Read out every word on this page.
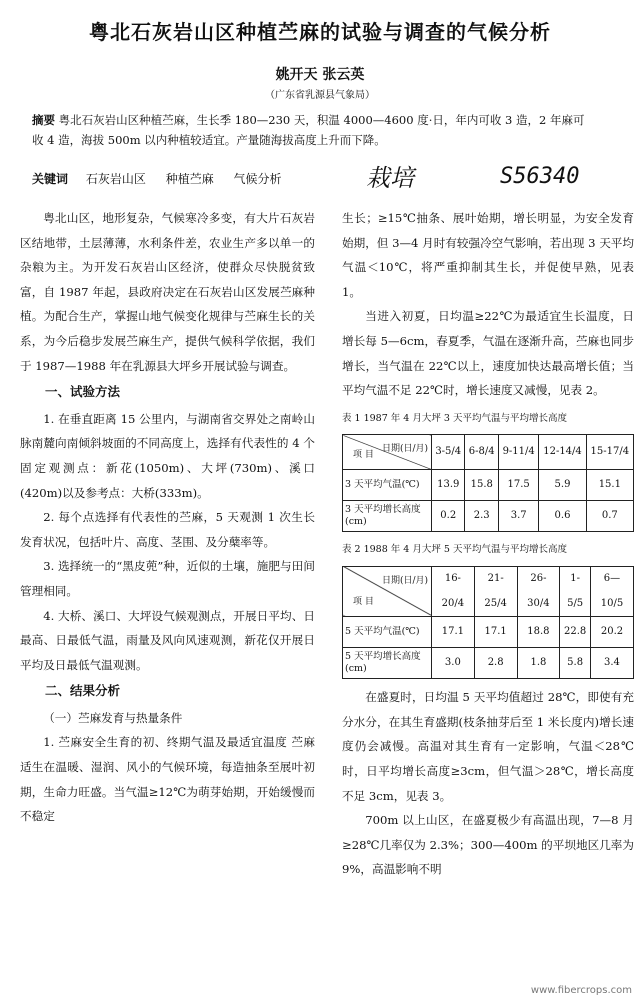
粤北石灰岩山区种植苎麻的试验与调查的气候分析
姚开天 张云英
（广东省乳源县气象局）
摘要 粤北石灰岩山区种植苎麻，生长季 180—230 天，积温 4000—4600 度·日，年内可收 3 造，2 年麻可收 4 造，海拔 500m 以内种植较适宜。产量随海拔高度上升而下降。
关键词 石灰岩山区 种植苎麻 气候分析	栽培	S56340

粤北山区，地形复杂，气候寒冷多变，有大片石灰岩区结地带，土层薄薄，水利条件差，农业生产多以单一的杂粮为主。为开发石灰岩山区经济，使群众尽快脱贫致富，自 1987 年起，县政府决定在石灰岩山区发展苎麻种植。为配合生产，掌握山地气候变化规律与苎麻生长的关系，为今后稳步发展苎麻生产，提供气候科学依据，我们于 1987—1988 年在乳源县大坪乡开展试验与调查。

一、试验方法

1. 在垂直距离 15 公里内，与湖南省交界处之南岭山脉南麓向南倾斜坡面的不同高度上，选择有代表性的 4 个固定观测点：新花(1050m)、大坪(730m)、溪口(420m)以及参考点：大桥(333m)。

2. 每个点选择有代表性的苎麻，5 天观测 1 次生长发育状况，包括叶片、高度、茎围、及分蘖率等。

3. 选择统一的“黑皮蔸”种，近似的土壤，施肥与田间管理相同。

4. 大桥、溪口、大坪设气候观测点，开展日平均、日最高、日最低气温，雨量及风向风速观测，新花仅开展日平均及日最低气温观测。

二、结果分析
（一）苎麻发育与热量条件

1. 苎麻安全生育的初、终期气温及最适宜温度 苎麻适生在温暖、湿润、风小的气候环境，每造抽条至展叶初期，生命力旺盛。当气温≥12℃为萌芽始期，开始缓慢而不稳定

生长；≥15℃抽条、展叶始期，增长明显，为安全发育始期，但 3—4 月时有较强冷空气影响，若出现 3 天平均气温＜10℃，将严重抑制其生长，并促使早熟，见表 1。

当进入初夏，日均温≥22℃为最适宜生长温度，日增长每 5—6cm，春夏季，气温在逐渐升高，苎麻也同步增长，当气温在 22℃以上，速度加快达最高增长值；当平均气温不足 22℃时，增长速度又减慢，见表 2。

表 1 1987 年 4 月大坪 3 天平均气温与平均增长高度
日期(日/月)
项 目	3-5/4	6-8/4	9-11/4	12-14/4	15-17/4
3 天平均气温(℃)	13.9	15.8	17.5	5.9	15.1
3 天平均增长高度(cm)	0.2	2.3	3.7	0.6	0.7
表 2 1988 年 4 月大坪 5 天平均气温与平均增长高度
日期(日/月)
项 目	16-20/4	21-25/4	26-30/4	1-5/5	6—10/5
5 天平均气温(℃)	17.1	17.1	18.8	22.8	20.2
5 天平均增长高度(cm)	3.0	2.8	1.8	5.8	3.4

在盛夏时，日均温 5 天平均值超过 28℃，即使有充分水分，在其生育盛期(枝条抽芽后至 1 米长度内)增长速度仍会减慢。高温对其生育有一定影响，气温＜28℃时，日平均增长高度≥3cm，但气温＞28℃，增长高度不足 3cm，见表 3。

700m 以上山区，在盛夏极少有高温出现，7—8 月≥28℃几率仅为 2.3%；300—400m 的平坝地区几率为 9%，高温影响不明

www.fibercrops.com
